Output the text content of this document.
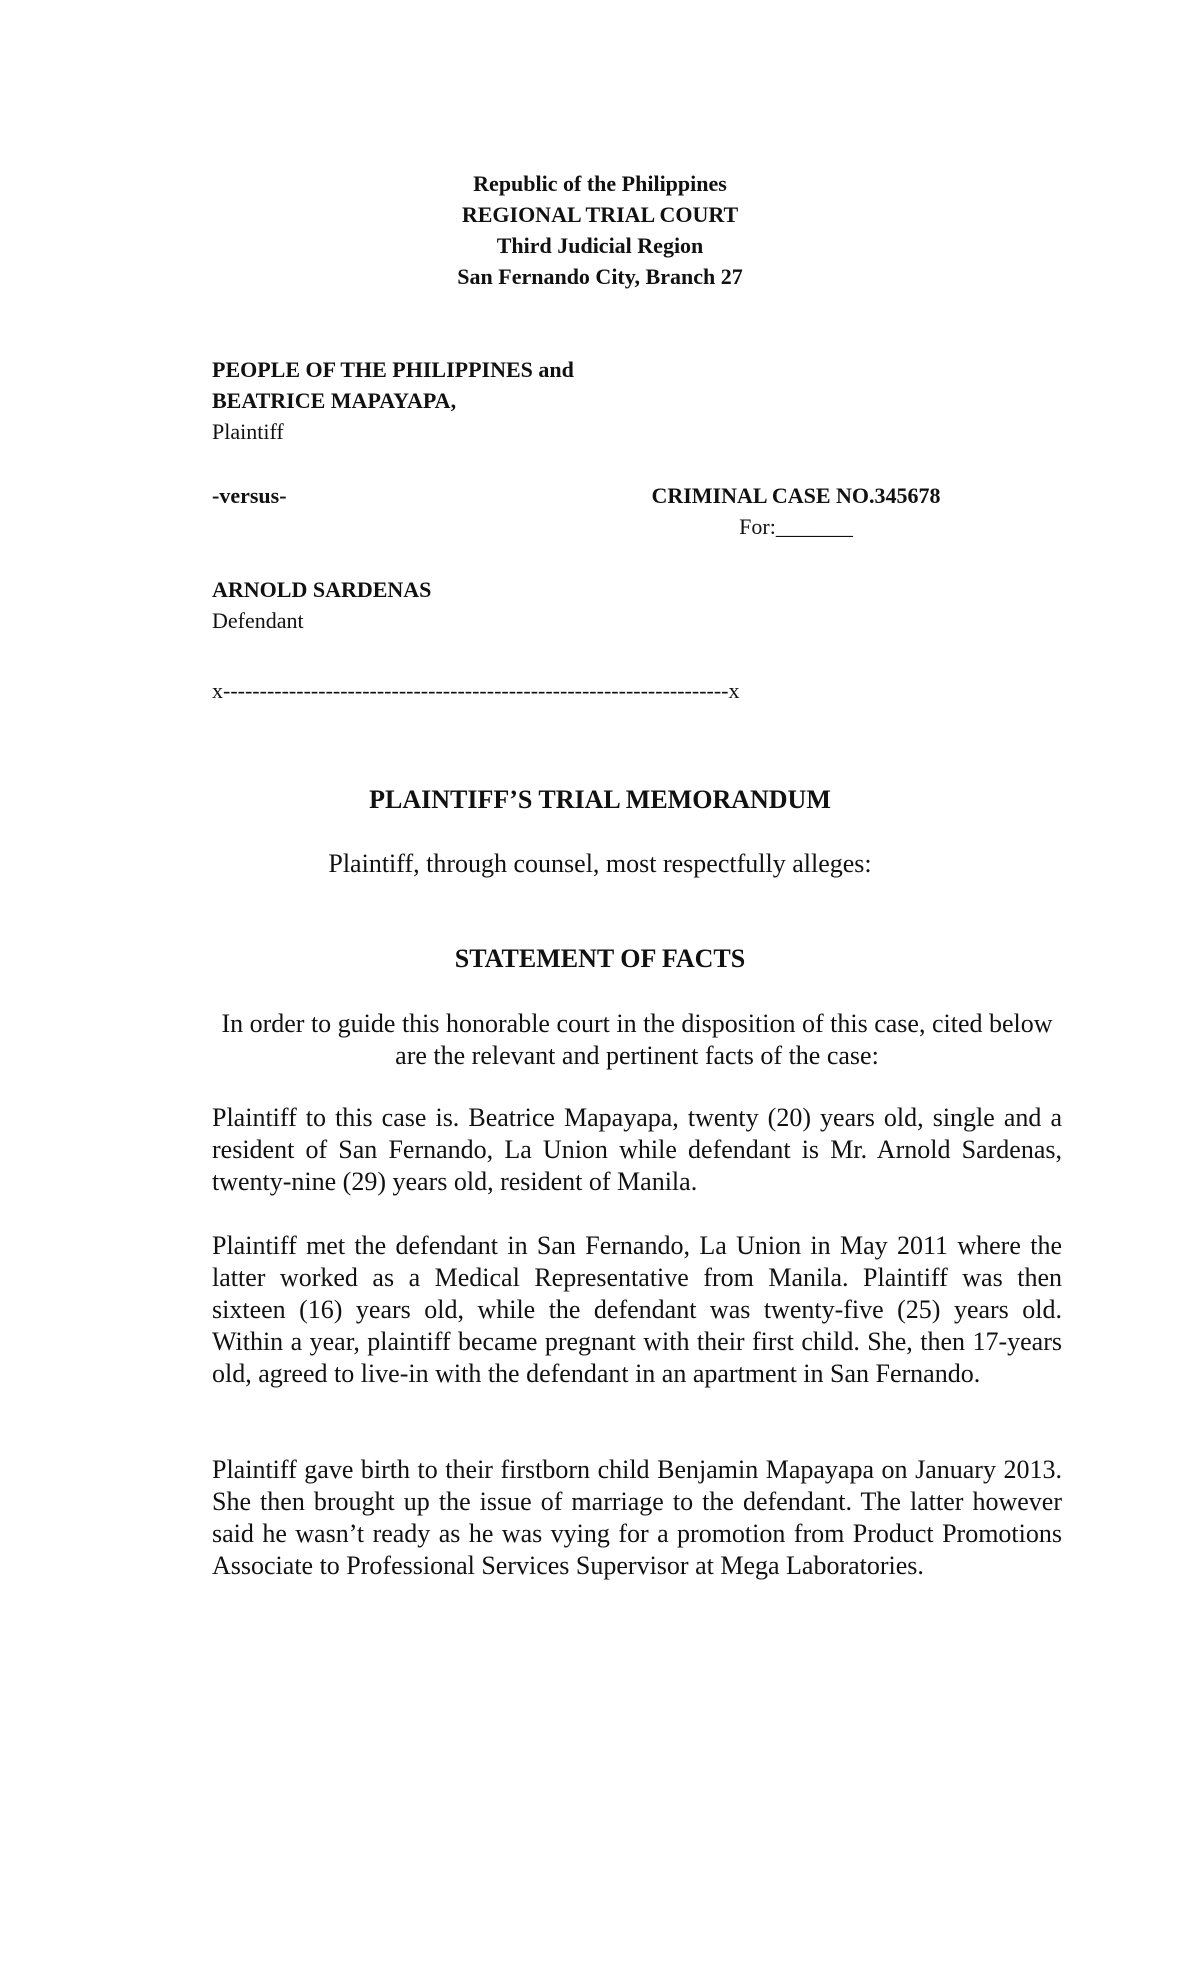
Republic of the Philippines
REGIONAL TRIAL COURT
Third Judicial Region
San Fernando City, Branch 27
PEOPLE OF THE PHILIPPINES and
BEATRICE MAPAYAPA,
Plaintiff
-versus-	CRIMINAL CASE NO.345678
For:_______
ARNOLD SARDENAS
Defendant
x---------------------------------------------------------------------x
PLAINTIFF’S TRIAL MEMORANDUM
Plaintiff, through counsel, most respectfully alleges:
STATEMENT OF FACTS
In order to guide this honorable court in the disposition of this case, cited below are the relevant and pertinent facts of the case:
Plaintiff to this case is. Beatrice Mapayapa, twenty (20) years old, single and a resident of San Fernando, La Union while defendant is Mr. Arnold Sardenas, twenty-nine (29) years old, resident of Manila.
Plaintiff met the defendant in San Fernando, La Union in May 2011 where the latter worked as a Medical Representative from Manila. Plaintiff was then sixteen (16) years old, while the defendant was twenty-five (25) years old. Within a year, plaintiff became pregnant with their first child. She, then 17-years old, agreed to live-in with the defendant in an apartment in San Fernando.
Plaintiff gave birth to their firstborn child Benjamin Mapayapa on January 2013. She then brought up the issue of marriage to the defendant. The latter however said he wasn’t ready as he was vying for a promotion from Product Promotions Associate to Professional Services Supervisor at Mega Laboratories.
